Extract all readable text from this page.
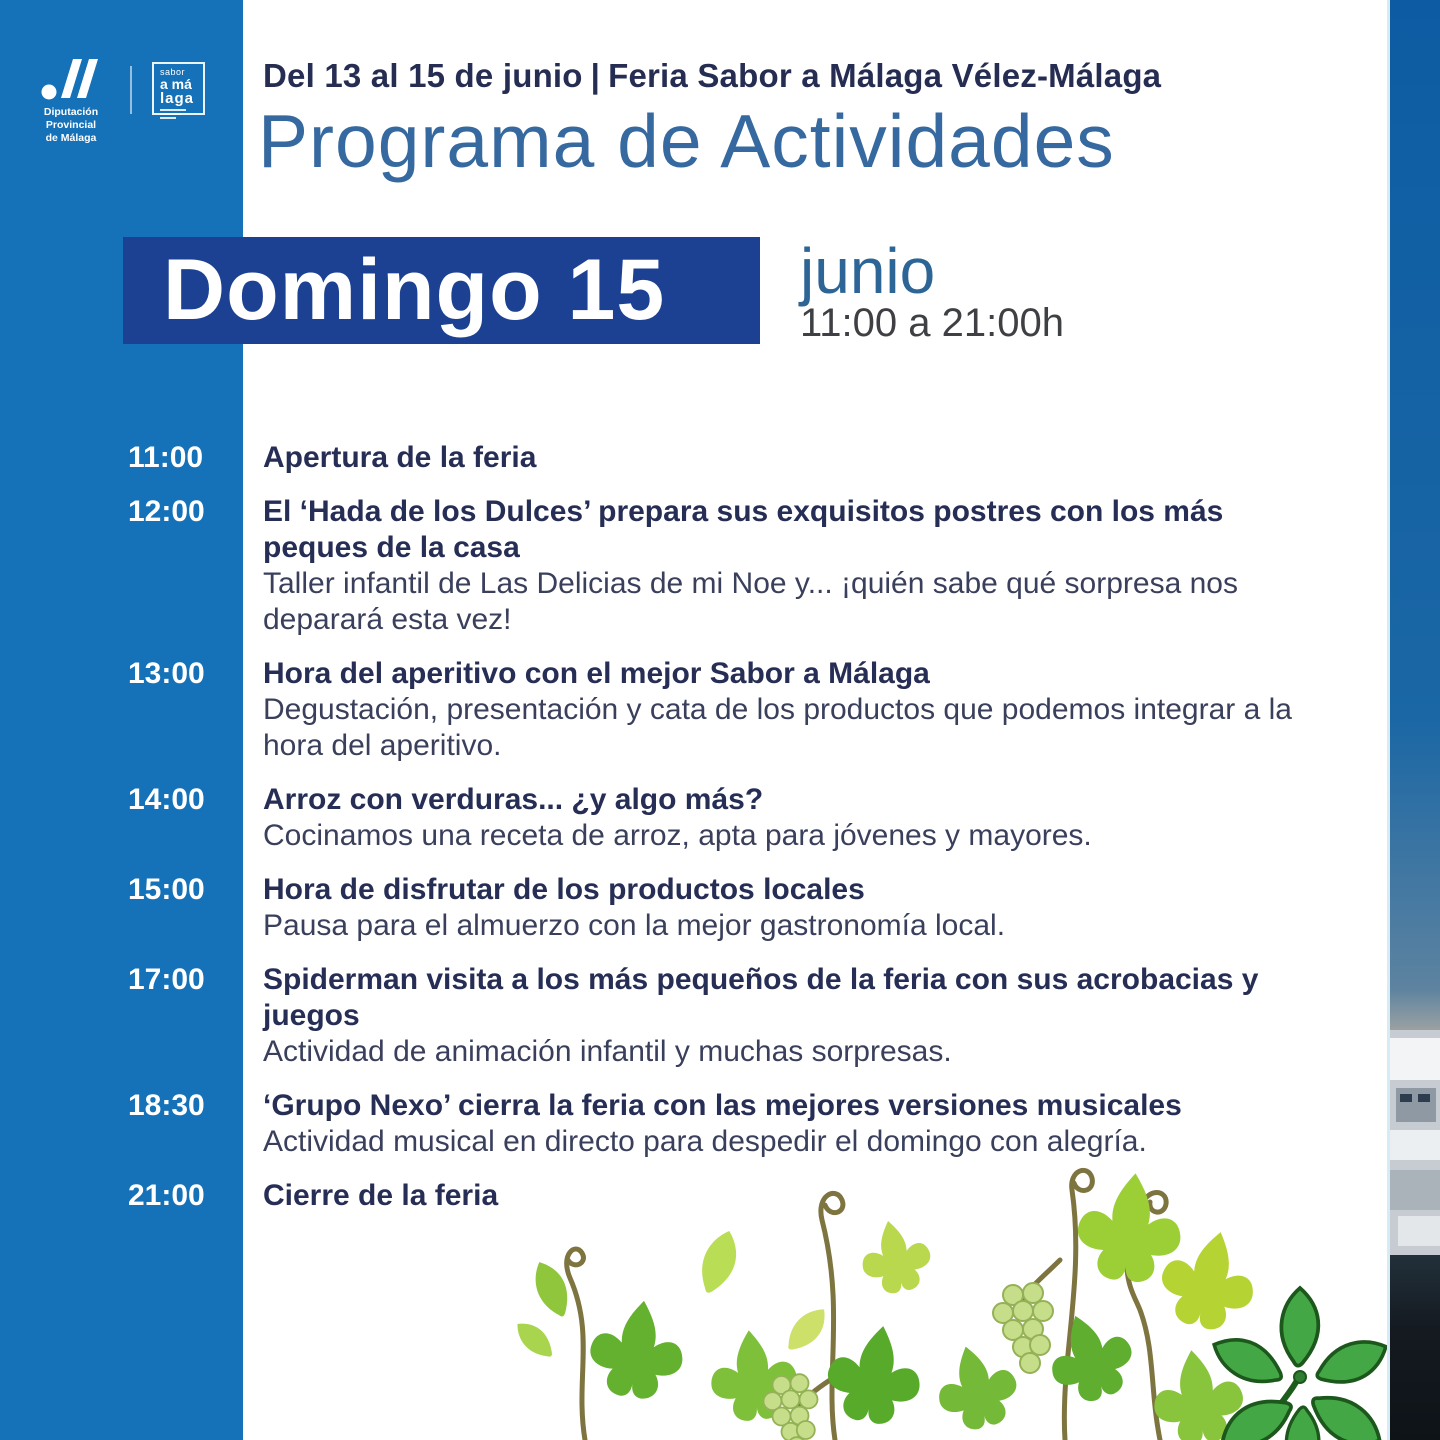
Diputación Provincial
de Málaga
sabor
a má
laga
Del 13 al 15 de junio | Feria Sabor a Málaga Vélez-Málaga
Programa de Actividades
Domingo 15 junio
11:00 a 21:00h
11:00	Apertura de la feria
12:00	El ‘Hada de los Dulces’ prepara sus exquisitos postres con los más peques de la casa
Taller infantil de Las Delicias de mi Noe y... ¡quién sabe qué sorpresa nos deparará esta vez!
13:00	Hora del aperitivo con el mejor Sabor a Málaga
Degustación, presentación y cata de los productos que podemos integrar a la hora del aperitivo.
14:00	Arroz con verduras... ¿y algo más?
Cocinamos una receta de arroz, apta para jóvenes y mayores.
15:00	Hora de disfrutar de los productos locales
Pausa para el almuerzo con la mejor gastronomía local.
17:00	Spiderman visita a los más pequeños de la feria con sus acrobacias y juegos
Actividad de animación infantil y muchas sorpresas.
18:30	‘Grupo Nexo’ cierra la feria con las mejores versiones musicales
Actividad musical en directo para despedir el domingo con alegría.
21:00	Cierre de la feria
